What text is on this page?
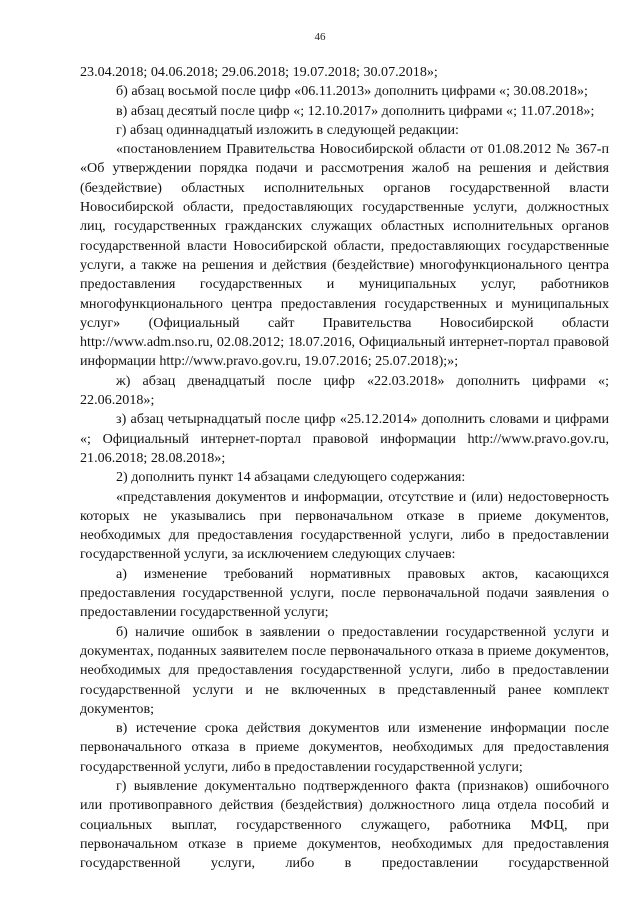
46

23.04.2018; 04.06.2018; 29.06.2018; 19.07.2018; 30.07.2018»;

б) абзац восьмой после цифр «06.11.2013» дополнить цифрами «; 30.08.2018»;

в) абзац десятый после цифр «; 12.10.2017» дополнить цифрами «; 11.07.2018»;

г) абзац одиннадцатый изложить в следующей редакции:

«постановлением Правительства Новосибирской области от 01.08.2012 № 367-п «Об утверждении порядка подачи и рассмотрения жалоб на решения и действия (бездействие) областных исполнительных органов государственной власти Новосибирской области, предоставляющих государственные услуги, должностных лиц, государственных гражданских служащих областных исполнительных органов государственной власти Новосибирской области, предоставляющих государственные услуги, а также на решения и действия (бездействие) многофункционального центра предоставления государственных и муниципальных услуг, работников многофункционального центра предоставления государственных и муниципальных услуг» (Официальный сайт Правительства Новосибирской области http://www.adm.nso.ru, 02.08.2012; 18.07.2016, Официальный интернет-портал правовой информации http://www.pravo.gov.ru, 19.07.2016; 25.07.2018);»;

ж) абзац двенадцатый после цифр «22.03.2018» дополнить цифрами «; 22.06.2018»;

з) абзац четырнадцатый после цифр «25.12.2014» дополнить словами и цифрами «; Официальный интернет-портал правовой информации http://www.pravo.gov.ru, 21.06.2018; 28.08.2018»;

2) дополнить пункт 14 абзацами следующего содержания:

«представления документов и информации, отсутствие и (или) недостоверность которых не указывались при первоначальном отказе в приеме документов, необходимых для предоставления государственной услуги, либо в предоставлении государственной услуги, за исключением следующих случаев:

а) изменение требований нормативных правовых актов, касающихся предоставления государственной услуги, после первоначальной подачи заявления о предоставлении государственной услуги;

б) наличие ошибок в заявлении о предоставлении государственной услуги и документах, поданных заявителем после первоначального отказа в приеме документов, необходимых для предоставления государственной услуги, либо в предоставлении государственной услуги и не включенных в представленный ранее комплект документов;

в) истечение срока действия документов или изменение информации после первоначального отказа в приеме документов, необходимых для предоставления государственной услуги, либо в предоставлении государственной услуги;

г) выявление документально подтвержденного факта (признаков) ошибочного или противоправного действия (бездействия) должностного лица отдела пособий и социальных выплат, государственного служащего, работника МФЦ, при первоначальном отказе в приеме документов, необходимых для предоставления государственной услуги, либо в предоставлении государственной
